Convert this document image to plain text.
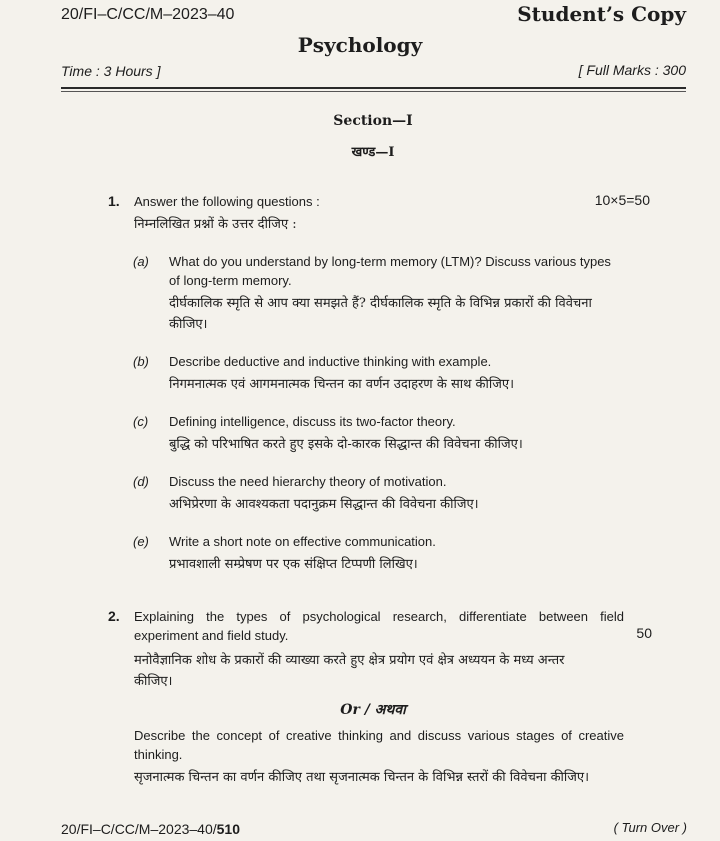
20/FI–C/CC/M–2023–40	Student’s Copy
Psychology
Time : 3 Hours ]	[ Full Marks : 300
Section—I
खण्ड—I
1. Answer the following questions :	10×5=50
निम्नलिखित प्रश्नों के उत्तर दीजिए :
(a) What do you understand by long-term memory (LTM)? Discuss various types
of long-term memory.
दीर्घकालिक स्मृति से आप क्या समझते हैं? दीर्घकालिक स्मृति के विभिन्न प्रकारों की विवेचना
कीजिए।
(b) Describe deductive and inductive thinking with example.
निगमनात्मक एवं आगमनात्मक चिन्तन का वर्णन उदाहरण के साथ कीजिए।
(c) Defining intelligence, discuss its two-factor theory.
बुद्धि को परिभाषित करते हुए इसके दो-कारक सिद्धान्त की विवेचना कीजिए।
(d) Discuss the need hierarchy theory of motivation.
अभिप्रेरणा के आवश्यकता पदानुक्रम सिद्धान्त की विवेचना कीजिए।
(e) Write a short note on effective communication.
प्रभावशाली सम्प्रेषण पर एक संक्षिप्त टिप्पणी लिखिए।
2. Explaining the types of psychological research, differentiate between field
experiment and field study.	50
मनोवैज्ञानिक शोध के प्रकारों की व्याख्या करते हुए क्षेत्र प्रयोग एवं क्षेत्र अध्ययन के मध्य अन्तर
कीजिए।
Or / अथवा
Describe the concept of creative thinking and discuss various stages of creative
thinking.
सृजनात्मक चिन्तन का वर्णन कीजिए तथा सृजनात्मक चिन्तन के विभिन्न स्तरों की विवेचना कीजिए।
20/FI–C/CC/M–2023–40/510	( Turn Over )
